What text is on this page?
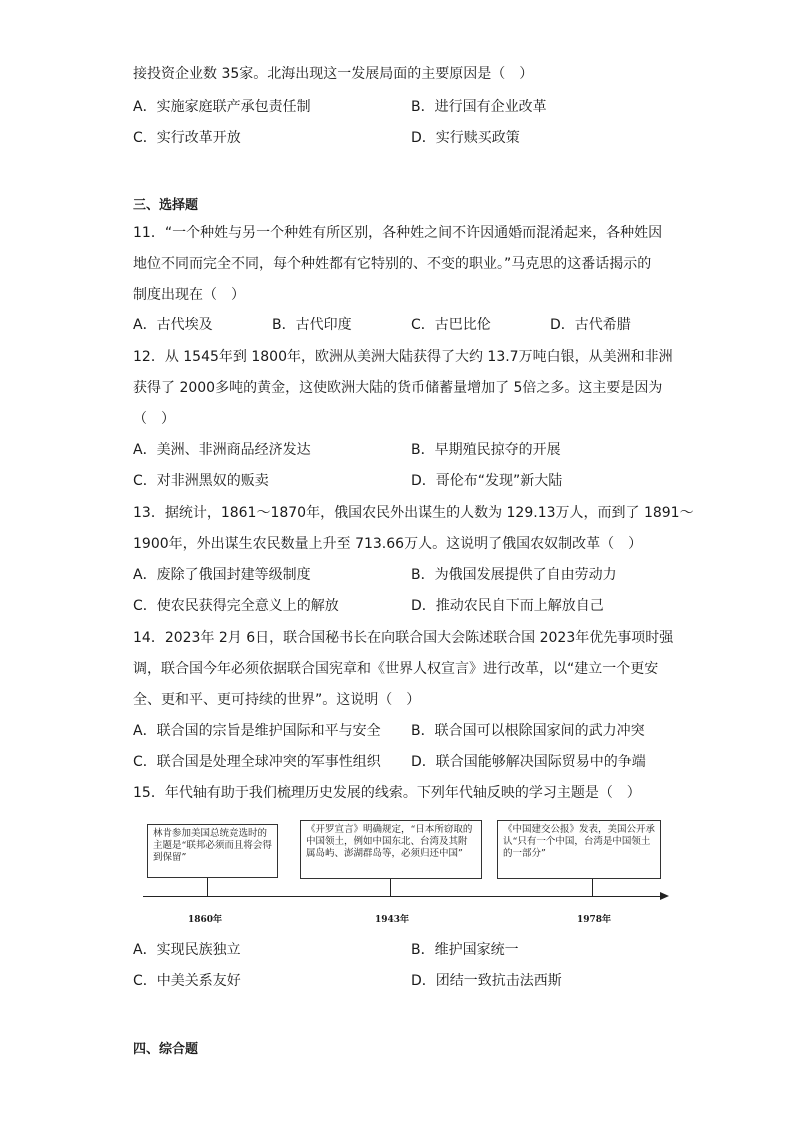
接投资企业数 35家。北海出现这一发展局面的主要原因是（　）
A．实施家庭联产承包责任制	B．进行国有企业改革
C．实行改革开放	D．实行赎买政策
三、选择题
11．“一个种姓与另一个种姓有所区别，各种姓之间不许因通婚而混淆起来，各种姓因
地位不同而完全不同，每个种姓都有它特别的、不变的职业。”马克思的这番话揭示的
制度出现在（　）
A．古代埃及	B．古代印度	C．古巴比伦	D．古代希腊
12．从 1545年到 1800年，欧洲从美洲大陆获得了大约 13.7万吨白银，从美洲和非洲
获得了 2000多吨的黄金，这使欧洲大陆的货币储蓄量增加了 5倍之多。这主要是因为
（　）
A．美洲、非洲商品经济发达	B．早期殖民掠夺的开展
C．对非洲黑奴的贩卖	D．哥伦布“发现”新大陆
13．据统计，1861～1870年，俄国农民外出谋生的人数为 129.13万人，而到了 1891～
1900年，外出谋生农民数量上升至 713.66万人。这说明了俄国农奴制改革（　）
A．废除了俄国封建等级制度	B．为俄国发展提供了自由劳动力
C．使农民获得完全意义上的解放	D．推动农民自下而上解放自己
14．2023年 2月 6日，联合国秘书长在向联合国大会陈述联合国 2023年优先事项时强
调，联合国今年必须依据联合国宪章和《世界人权宣言》进行改革，以“建立一个更安
全、更和平、更可持续的世界”。这说明（　）
A．联合国的宗旨是维护国际和平与安全 B．联合国可以根除国家间的武力冲突
C．联合国是处理全球冲突的军事性组织 D．联合国能够解决国际贸易中的争端
15．年代轴有助于我们梳理历史发展的线索。下列年代轴反映的学习主题是（　）
林肯参加美国总统竞选时的主题是“联邦必须而且将会得到保留”
《开罗宣言》明确规定，“日本所窃取的中国领土，例如中国东北、台湾及其附属岛屿、澎湖群岛等，必须归还中国”
《中国建交公报》发表，美国公开承认“只有一个中国，台湾是中国领土的一部分”
1860年	1943年	1978年
A．实现民族独立	B．维护国家统一
C．中美关系友好	D．团结一致抗击法西斯
四、综合题
